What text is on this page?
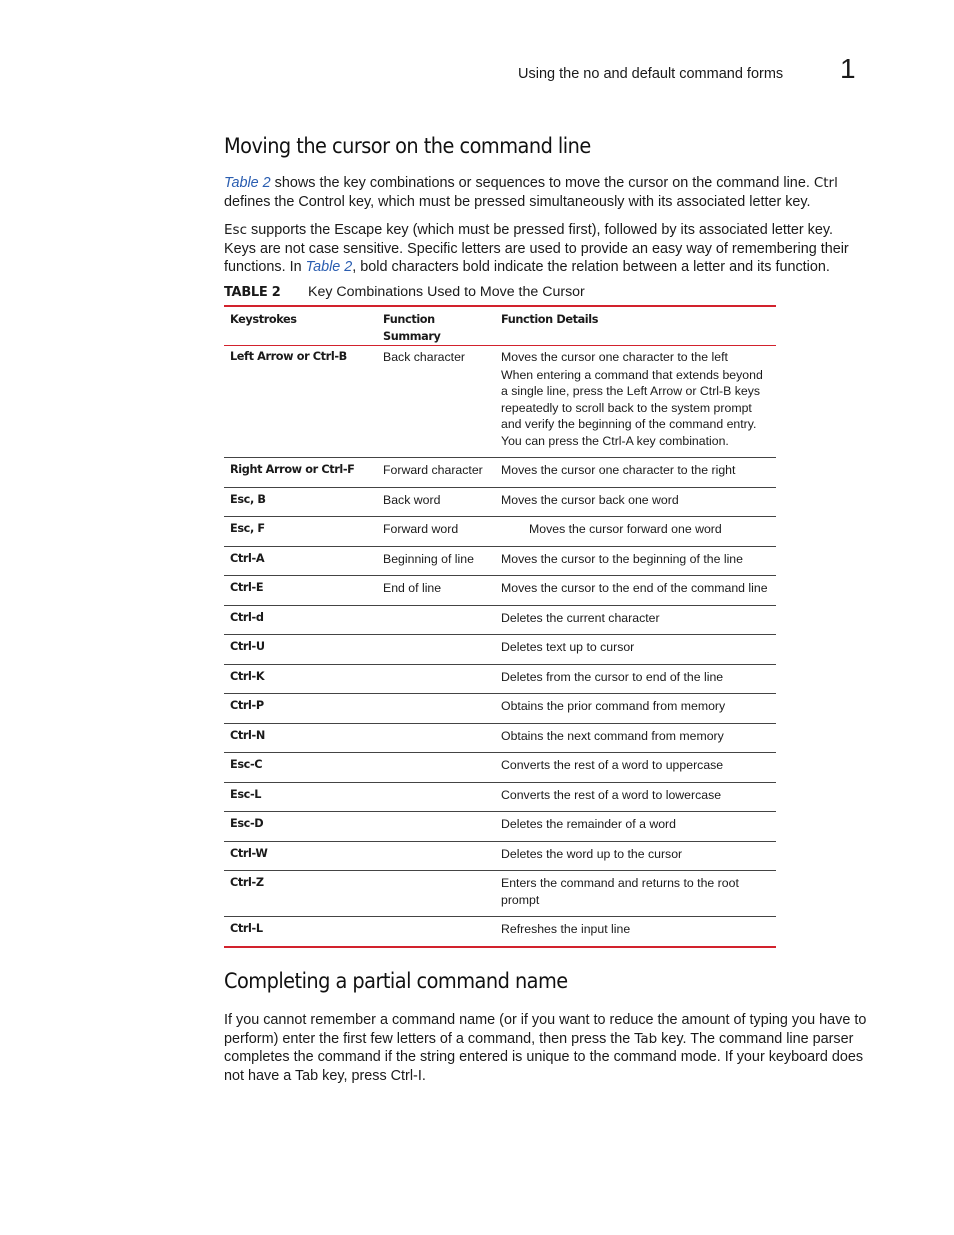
Using the no and default command forms 1
Moving the cursor on the command line

Table 2 shows the key combinations or sequences to move the cursor on the command line. Ctrl defines the Control key, which must be pressed simultaneously with its associated letter key.

Esc supports the Escape key (which must be pressed first), followed by its associated letter key. Keys are not case sensitive. Specific letters are used to provide an easy way of remembering their functions. In Table 2, bold characters bold indicate the relation between a letter and its function.

TABLE 2 Key Combinations Used to Move the Cursor
Keystrokes	Function Summary	Function Details
Left Arrow or Ctrl-B	Back character	Moves the cursor one character to the left
When entering a command that extends beyond a single line, press the Left Arrow or Ctrl-B keys repeatedly to scroll back to the system prompt and verify the beginning of the command entry. You can press the Ctrl-A key combination.

Right Arrow or Ctrl-F	Forward character	Moves the cursor one character to the right

Esc, B	Back word	Moves the cursor back one word

Esc, F	Forward word	Moves the cursor forward one word

Ctrl-A	Beginning of line	Moves the cursor to the beginning of the line

Ctrl-E	End of line	Moves the cursor to the end of the command line

Ctrl-d		Deletes the current character

Ctrl-U		Deletes text up to cursor

Ctrl-K		Deletes from the cursor to end of the line

Ctrl-P		Obtains the prior command from memory

Ctrl-N		Obtains the next command from memory

Esc-C		Converts the rest of a word to uppercase

Esc-L		Converts the rest of a word to lowercase

Esc-D		Deletes the remainder of a word

Ctrl-W		Deletes the word up to the cursor

Ctrl-Z		Enters the command and returns to the root prompt

Ctrl-L		Refreshes the input line
Completing a partial command name

If you cannot remember a command name (or if you want to reduce the amount of typing you have to perform) enter the first few letters of a command, then press the Tab key. The command line parser completes the command if the string entered is unique to the command mode. If your keyboard does not have a Tab key, press Ctrl-I.
